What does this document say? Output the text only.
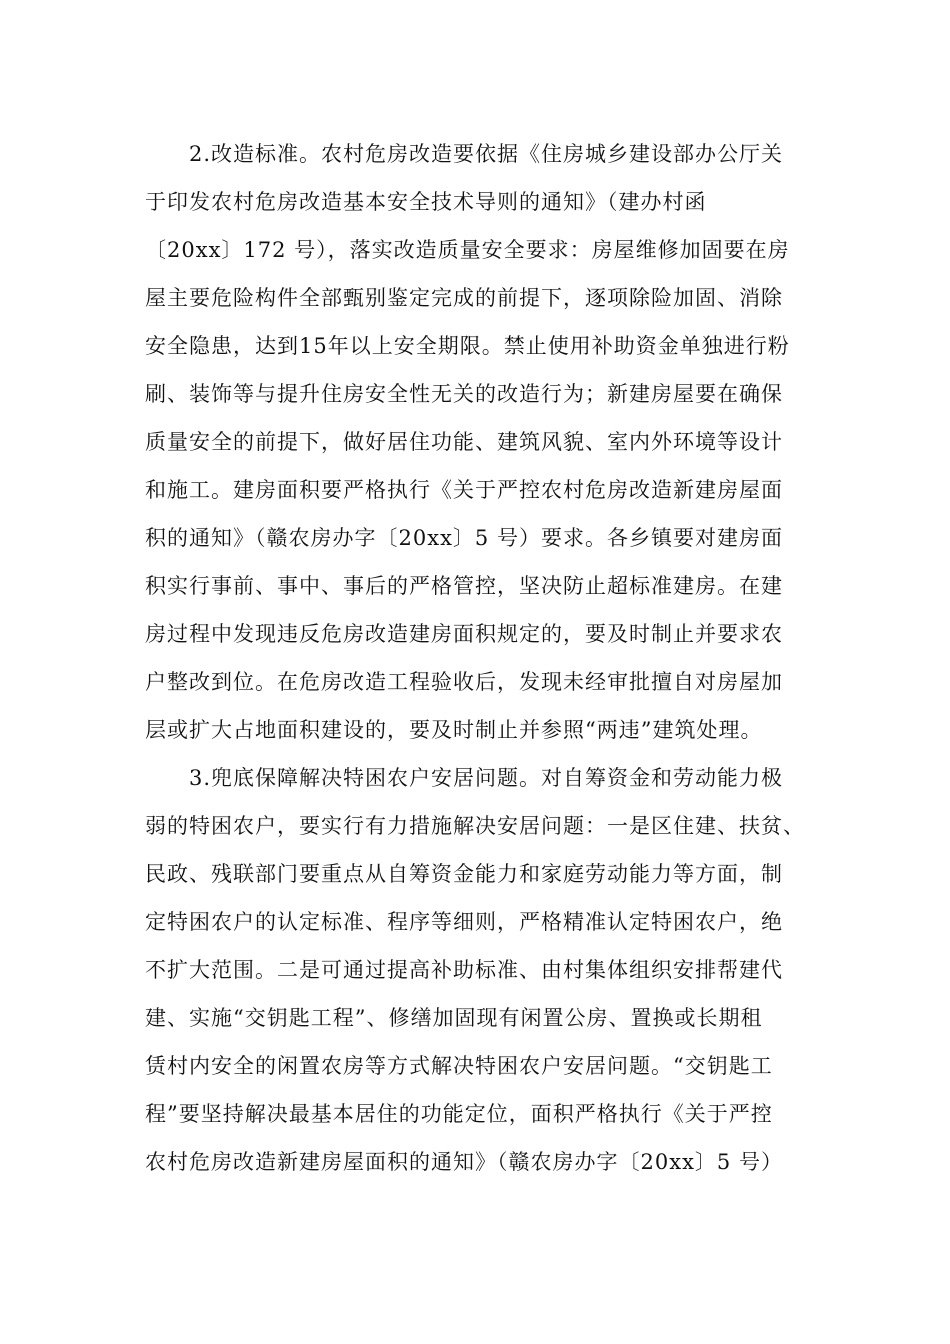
2.改造标准。农村危房改造要依据《住房城乡建设部办公厅关
于印发农村危房改造基本安全技术导则的通知》（建办村函
〔20xx〕172 号），落实改造质量安全要求：房屋维修加固要在房
屋主要危险构件全部甄别鉴定完成的前提下，逐项除险加固、消除
安全隐患，达到15年以上安全期限。禁止使用补助资金单独进行粉
刷、装饰等与提升住房安全性无关的改造行为；新建房屋要在确保
质量安全的前提下，做好居住功能、建筑风貌、室内外环境等设计
和施工。建房面积要严格执行《关于严控农村危房改造新建房屋面
积的通知》（赣农房办字〔20xx〕5 号）要求。各乡镇要对建房面
积实行事前、事中、事后的严格管控，坚决防止超标准建房。在建
房过程中发现违反危房改造建房面积规定的，要及时制止并要求农
户整改到位。在危房改造工程验收后，发现未经审批擅自对房屋加
层或扩大占地面积建设的，要及时制止并参照“两违”建筑处理。
3.兜底保障解决特困农户安居问题。对自筹资金和劳动能力极
弱的特困农户，要实行有力措施解决安居问题：一是区住建、扶贫、
民政、残联部门要重点从自筹资金能力和家庭劳动能力等方面，制
定特困农户的认定标准、程序等细则，严格精准认定特困农户，绝
不扩大范围。二是可通过提高补助标准、由村集体组织安排帮建代
建、实施“交钥匙工程”、修缮加固现有闲置公房、置换或长期租
赁村内安全的闲置农房等方式解决特困农户安居问题。“交钥匙工
程”要坚持解决最基本居住的功能定位，面积严格执行《关于严控
农村危房改造新建房屋面积的通知》（赣农房办字〔20xx〕5 号）
